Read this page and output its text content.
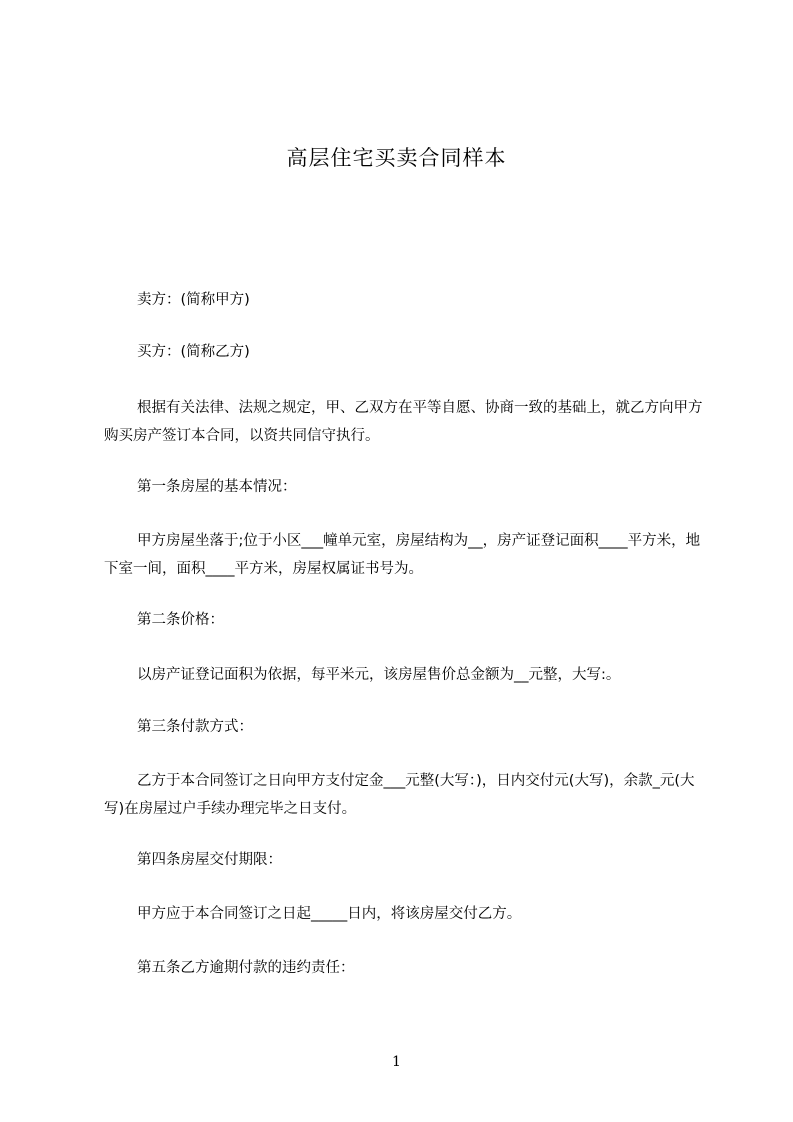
高层住宅买卖合同样本
卖方：(简称甲方)
买方：(简称乙方)
根据有关法律、法规之规定，甲、乙双方在平等自愿、协商一致的基础上，就乙方向甲方购买房产签订本合同，以资共同信守执行。
第一条房屋的基本情况：
甲方房屋坐落于;位于小区___幢单元室，房屋结构为__，房产证登记面积____平方米，地下室一间，面积____平方米，房屋权属证书号为。
第二条价格：
以房产证登记面积为依据，每平米元，该房屋售价总金额为__元整，大写:。
第三条付款方式：
乙方于本合同签订之日向甲方支付定金___元整(大写：)，日内交付元(大写)，余款_元(大写)在房屋过户手续办理完毕之日支付。
第四条房屋交付期限：
甲方应于本合同签订之日起_____日内，将该房屋交付乙方。
第五条乙方逾期付款的违约责任：
1
